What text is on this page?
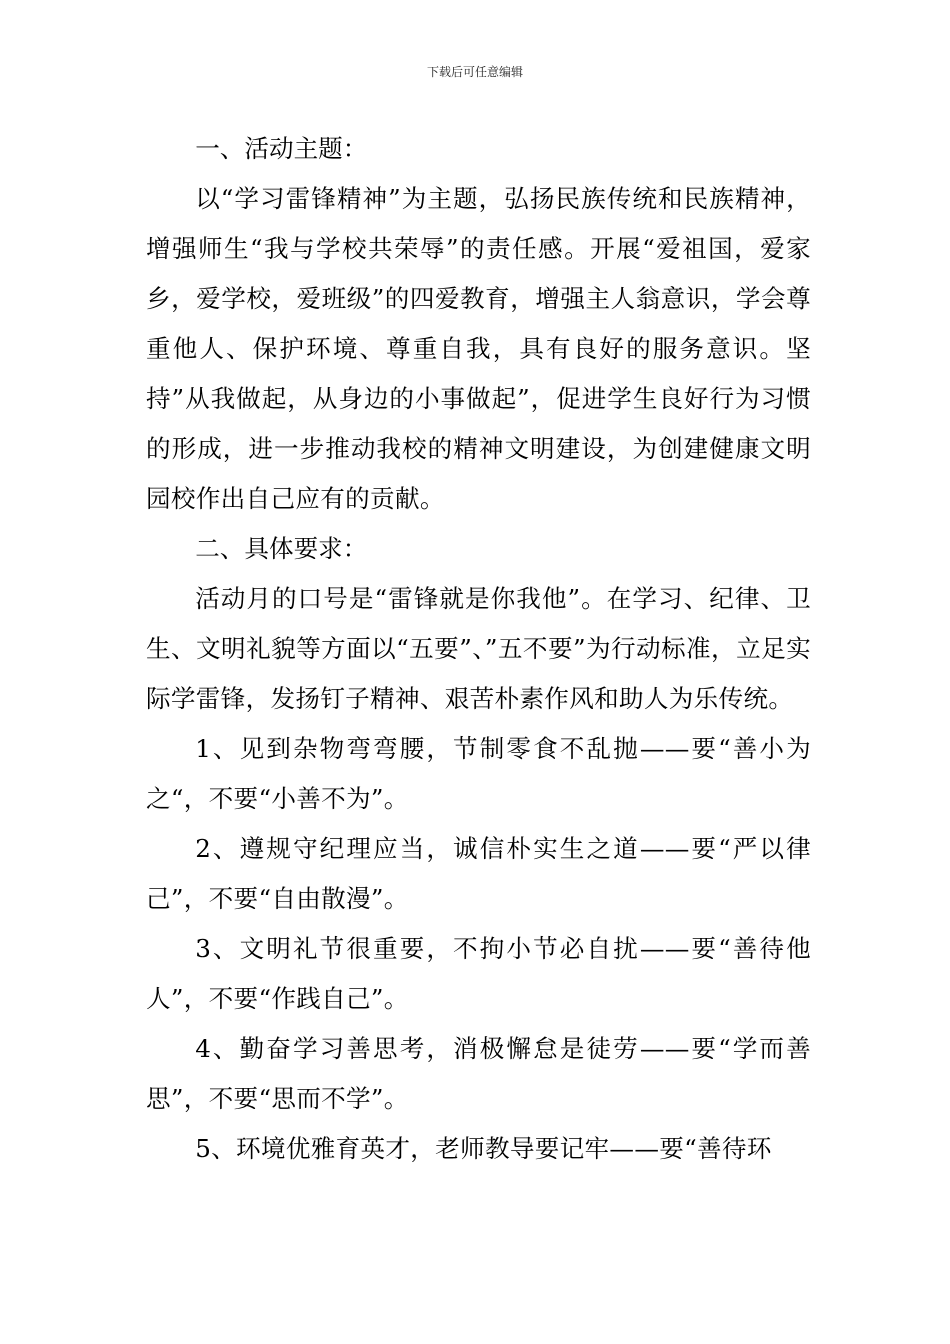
下载后可任意编辑

一、活动主题：

以“学习雷锋精神”为主题，弘扬民族传统和民族精神，增强师生“我与学校共荣辱”的责任感。开展“爱祖国，爱家乡，爱学校，爱班级”的四爱教育，增强主人翁意识，学会尊重他人、保护环境、尊重自我，具有良好的服务意识。坚持”从我做起，从身边的小事做起”，促进学生良好行为习惯的形成，进一步推动我校的精神文明建设，为创建健康文明园校作出自己应有的贡献。

二、具体要求：

活动月的口号是“雷锋就是你我他”。在学习、纪律、卫生、文明礼貌等方面以“五要”、”五不要”为行动标准，立足实际学雷锋，发扬钉子精神、艰苦朴素作风和助人为乐传统。

1、见到杂物弯弯腰，节制零食不乱抛——要“善小为之“，不要“小善不为”。

2、遵规守纪理应当，诚信朴实生之道——要“严以律己”，不要“自由散漫”。

3、文明礼节很重要，不拘小节必自扰——要“善待他人”，不要“作践自己”。

4、勤奋学习善思考，消极懈怠是徒劳——要“学而善思”，不要“思而不学”。

5、环境优雅育英才，老师教导要记牢——要“善待环
